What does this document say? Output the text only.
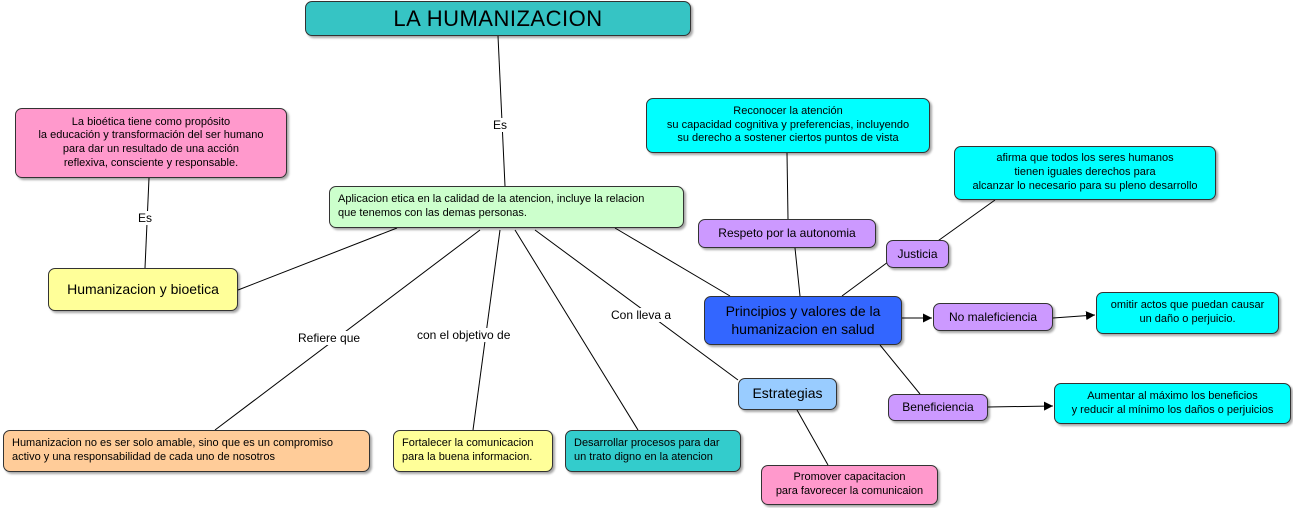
Es
Es
Refiere que	con el objetivo de
Con lleva a
LA HUMANIZACION
La bioética tiene como propósito
la educación y transformación del ser humano
para dar un resultado de una acción
reflexiva, consciente y responsable.
Aplicacion etica en la calidad de la atencion, incluye la relacion
que tenemos con las demas personas.
Humanizacion y bioetica
Reconocer la atención
su capacidad cognitiva y preferencias, incluyendo
su derecho a sostener ciertos puntos de vista
afirma que todos los seres humanos
tienen iguales derechos para
alcanzar lo necesario para su pleno desarrollo
Respeto por la autonomia
Justicia
Principios y valores de la
humanizacion en salud
No maleficiencia
omitir actos que puedan causar
un daño o perjuicio.
Estrategias
Beneficiencia
Aumentar al máximo los beneficios
y reducir al mínimo los daños o perjuicios
Humanizacion no es ser solo amable, sino que es un compromiso
activo y una responsabilidad de cada uno de nosotros
Fortalecer la comunicacion
para la buena informacion.
Desarrollar procesos para dar
un trato digno en la atencion
Promover capacitacion
para favorecer la comunicaion
